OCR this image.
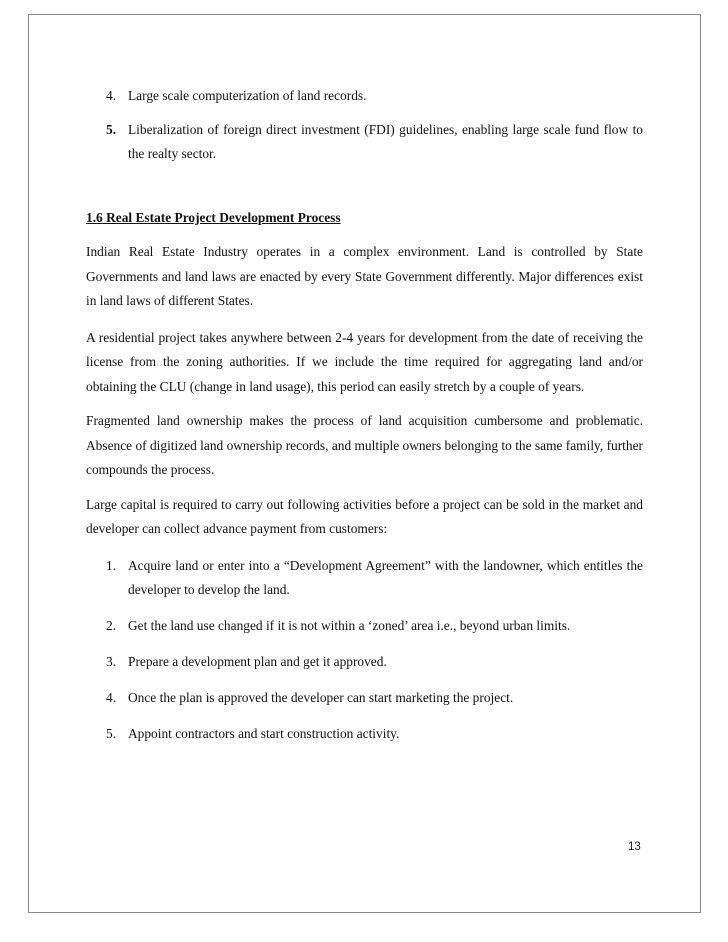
4. Large scale computerization of land records.
5. Liberalization of foreign direct investment (FDI) guidelines, enabling large scale fund flow to the realty sector.
1.6 Real Estate Project Development Process

Indian Real Estate Industry operates in a complex environment. Land is controlled by State Governments and land laws are enacted by every State Government differently. Major differences exist in land laws of different States.

A residential project takes anywhere between 2-4 years for development from the date of receiving the license from the zoning authorities. If we include the time required for aggregating land and/or obtaining the CLU (change in land usage), this period can easily stretch by a couple of years.

Fragmented land ownership makes the process of land acquisition cumbersome and problematic. Absence of digitized land ownership records, and multiple owners belonging to the same family, further compounds the process.

Large capital is required to carry out following activities before a project can be sold in the market and developer can collect advance payment from customers:

1. Acquire land or enter into a “Development Agreement” with the landowner, which entitles the developer to develop the land.
2. Get the land use changed if it is not within a ‘zoned’ area i.e., beyond urban limits.
3. Prepare a development plan and get it approved.
4. Once the plan is approved the developer can start marketing the project.
5. Appoint contractors and start construction activity.
13
